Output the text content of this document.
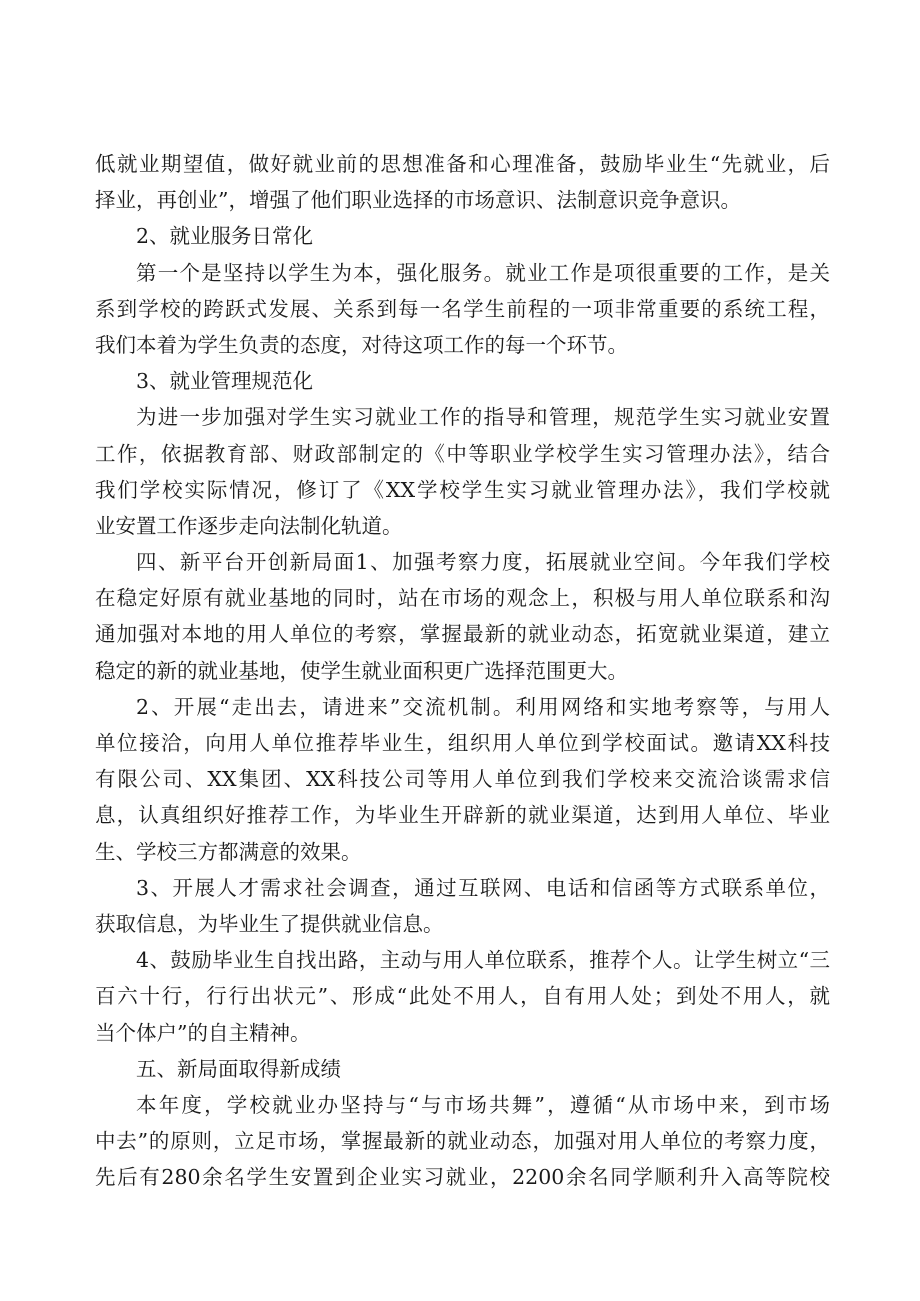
低就业期望值，做好就业前的思想准备和心理准备，鼓励毕业生“先就业，后
择业，再创业”，增强了他们职业选择的市场意识、法制意识竞争意识。
2、就业服务日常化
第一个是坚持以学生为本，强化服务。就业工作是项很重要的工作，是关
系到学校的跨跃式发展、关系到每一名学生前程的一项非常重要的系统工程，
我们本着为学生负责的态度，对待这项工作的每一个环节。
3、就业管理规范化
为进一步加强对学生实习就业工作的指导和管理，规范学生实习就业安置
工作，依据教育部、财政部制定的《中等职业学校学生实习管理办法》，结合
我们学校实际情况，修订了《XX学校学生实习就业管理办法》，我们学校就
业安置工作逐步走向法制化轨道。
四、新平台开创新局面1、加强考察力度，拓展就业空间。今年我们学校
在稳定好原有就业基地的同时，站在市场的观念上，积极与用人单位联系和沟
通加强对本地的用人单位的考察，掌握最新的就业动态，拓宽就业渠道，建立
稳定的新的就业基地，使学生就业面积更广选择范围更大。
2、开展“走出去，请进来”交流机制。利用网络和实地考察等，与用人
单位接洽，向用人单位推荐毕业生，组织用人单位到学校面试。邀请XX科技
有限公司、XX集团、XX科技公司等用人单位到我们学校来交流洽谈需求信
息，认真组织好推荐工作，为毕业生开辟新的就业渠道，达到用人单位、毕业
生、学校三方都满意的效果。
3、开展人才需求社会调查，通过互联网、电话和信函等方式联系单位，
获取信息，为毕业生了提供就业信息。
4、鼓励毕业生自找出路，主动与用人单位联系，推荐个人。让学生树立“三
百六十行，行行出状元”、形成“此处不用人，自有用人处；到处不用人，就
当个体户”的自主精神。
五、新局面取得新成绩
本年度，学校就业办坚持与“与市场共舞”，遵循“从市场中来，到市场
中去”的原则，立足市场，掌握最新的就业动态，加强对用人单位的考察力度，
先后有280余名学生安置到企业实习就业，2200余名同学顺利升入高等院校
